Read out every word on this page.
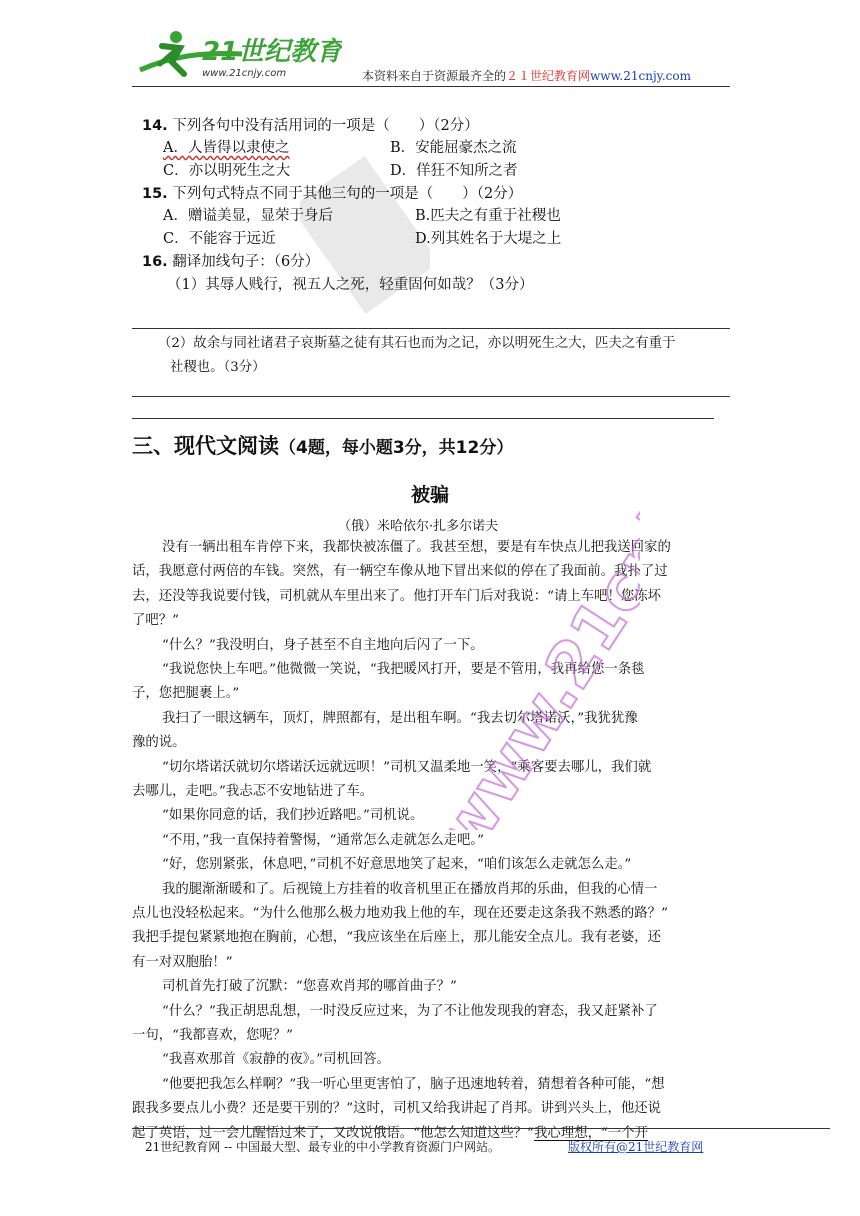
21世纪教育
www.21cnjy.com	本资料来自于资源最齐全的２１世纪教育网www.21cnjy.com
14. 下列各句中没有活用词的一项是（　　）（2分）
A．人皆得以隶使之	B．安能屈豪杰之流
C．亦以明死生之大	D．佯狂不知所之者
15. 下列句式特点不同于其他三句的一项是（　　）（2分）
A．赠谥美显，显荣于身后	B.匹夫之有重于社稷也
C．不能容于远近	D.列其姓名于大堤之上
16. 翻译加线句子：（6分）
（1）其辱人贱行，视五人之死，轻重固何如哉？（3分）
（2）故余与同社诸君子哀斯墓之徒有其石也而为之记，亦以明死生之大，匹夫之有重于
社稷也。（3分）
三、现代文阅读（4题，每小题3分，共12分）
被骗
（俄）米哈依尔·扎多尔诺夫
没有一辆出租车肯停下来，我都快被冻僵了。我甚至想，要是有车快点儿把我送回家的
话，我愿意付两倍的车钱。突然，有一辆空车像从地下冒出来似的停在了我面前。我扑了过
去，还没等我说要付钱，司机就从车里出来了。他打开车门后对我说：“请上车吧！您冻坏
了吧？”
“什么？”我没明白，身子甚至不自主地向后闪了一下。
“我说您快上车吧。”他微微一笑说，“我把暖风打开，要是不管用，我再给您一条毯
子，您把腿裹上。”
我扫了一眼这辆车，顶灯，牌照都有，是出租车啊。“我去切尔塔诺沃，”我犹犹豫
豫的说。
“切尔塔诺沃就切尔塔诺沃远就远呗！”司机又温柔地一笑，“乘客要去哪儿，我们就
去哪儿，走吧。”我忐忑不安地钻进了车。
“如果你同意的话，我们抄近路吧。”司机说。
“不用，”我一直保持着警惕，“通常怎么走就怎么走吧。”
“好，您别紧张，休息吧，”司机不好意思地笑了起来，“咱们该怎么走就怎么走。”
我的腿渐渐暖和了。后视镜上方挂着的收音机里正在播放肖邦的乐曲，但我的心情一
点儿也没轻松起来。“为什么他那么极力地劝我上他的车，现在还要走这条我不熟悉的路？”
我把手提包紧紧地抱在胸前，心想，“我应该坐在后座上，那儿能安全点儿。我有老婆，还
有一对双胞胎！”
司机首先打破了沉默：“您喜欢肖邦的哪首曲子？”
“什么？”我正胡思乱想，一时没反应过来，为了不让他发现我的窘态，我又赶紧补了
一句，“我都喜欢，您呢？”
“我喜欢那首《寂静的夜》。”司机回答。
“他要把我怎么样啊？”我一听心里更害怕了，脑子迅速地转着，猜想着各种可能，“想
跟我多要点儿小费？还是要干别的？”这时，司机又给我讲起了肖邦。讲到兴头上，他还说
起了英语，过一会儿醒悟过来了，又改说俄语。“他怎么知道这些？”我心理想，“一个开
21世纪教育网 -- 中国最大型、最专业的中小学教育资源门户网站。	版权所有@21世纪教育网
www.21cnjy.com
